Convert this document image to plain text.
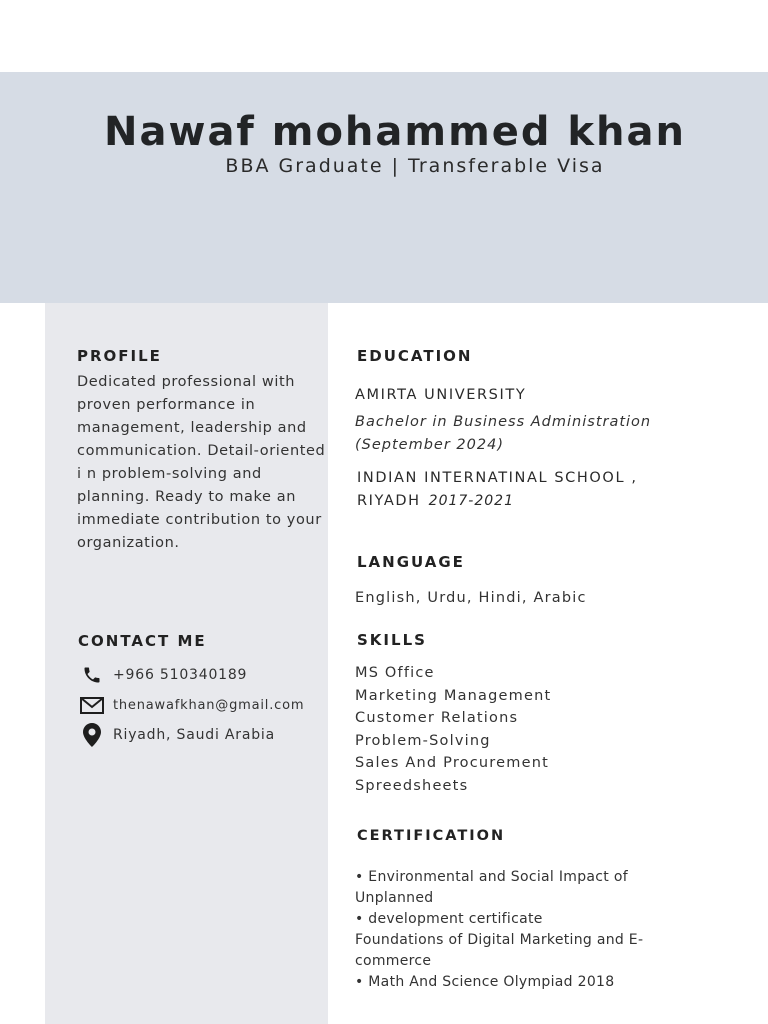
Nawaf mohammed khan

BBA Graduate | Transferable Visa

PROFILE

Dedicated professional with proven performance in management, leadership and communication. Detail-oriented i n problem-solving and planning. Ready to make an immediate contribution to your organization.

CONTACT ME
+966 510340189
thenawafkhan@gmail.com
Riyadh, Saudi Arabia
EDUCATION

AMIRTA UNIVERSITY

Bachelor in Business Administration (September 2024)

INDIAN INTERNATINAL SCHOOL ,

RIYADH 2017-2021

LANGUAGE

English, Urdu, Hindi, Arabic

SKILLS
MS Office
Marketing Management
Customer Relations
Problem-Solving
Sales And Procurement
Spreedsheets
CERTIFICATION
• Environmental and Social Impact of Unplanned
• development certificate
Foundations of Digital Marketing and E-commerce
• Math And Science Olympiad 2018
